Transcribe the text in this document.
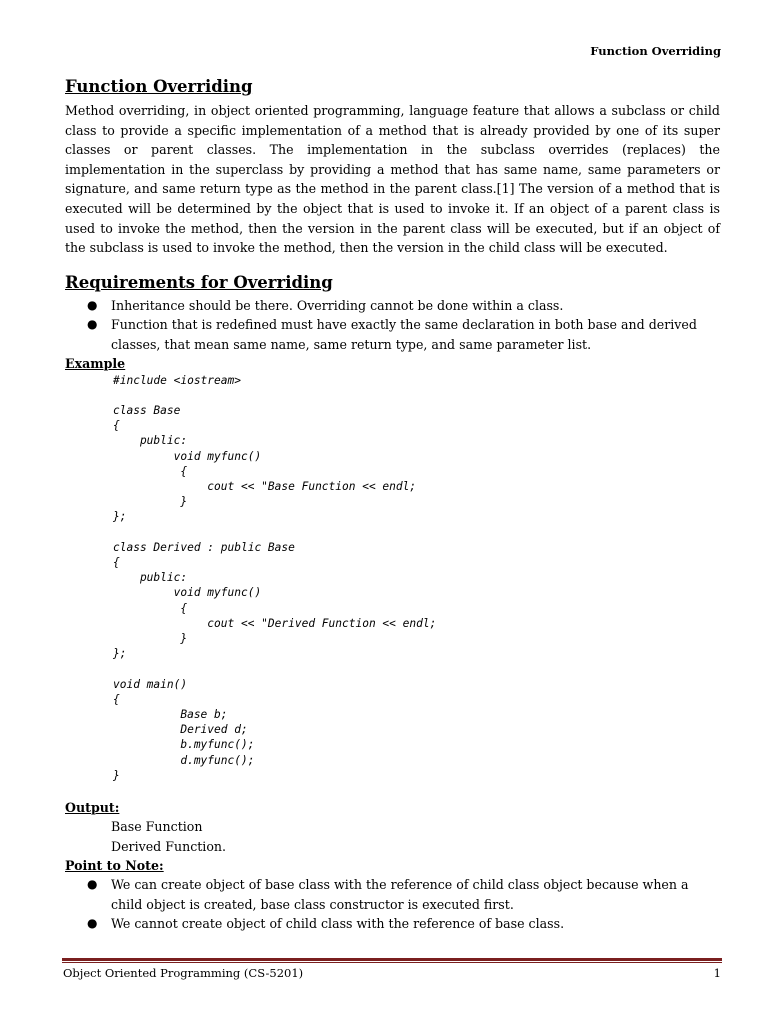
Function Overriding
Function Overriding

Method overriding, in object oriented programming, language feature that allows a subclass or child class to provide a specific implementation of a method that is already provided by one of its super classes or parent classes. The implementation in the subclass overrides (replaces) the implementation in the superclass by providing a method that has same name, same parameters or signature, and same return type as the method in the parent class.[1] The version of a method that is executed will be determined by the object that is used to invoke it. If an object of a parent class is used to invoke the method, then the version in the parent class will be executed, but if an object of the subclass is used to invoke the method, then the version in the child class will be executed.

Requirements for Overriding
● Inheritance should be there. Overriding cannot be done within a class.
● Function that is redefined must have exactly the same declaration in both base and derived classes, that mean same name, same return type, and same parameter list.
Example
#include <iostream>

class Base
{
public:
void myfunc()
{
cout << "Base Function << endl;
}
};

class Derived : public Base
{
public:
void myfunc()
{
cout << "Derived Function << endl;
}
};

void main()
{
Base b;
Derived d;
b.myfunc();
d.myfunc();
}
Output:
Base Function
Derived Function.
Point to Note:
● We can create object of base class with the reference of child class object because when a child object is created, base class constructor is executed first.
● We cannot create object of child class with the reference of base class.
Object Oriented Programming (CS-5201)	1
